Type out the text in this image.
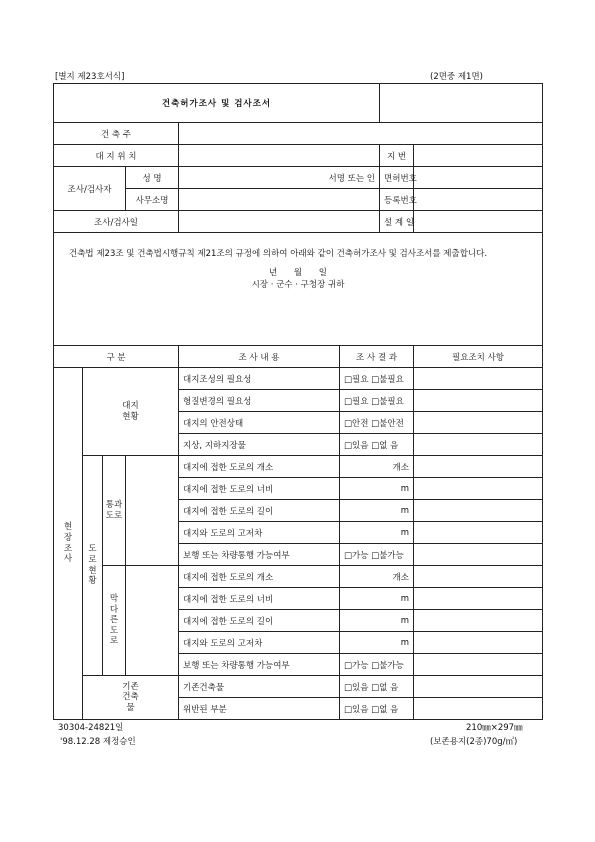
[별지 제23호서식]	(2면중 제1면)
건축허가조사 및 검사조서							
건 축 주							
대 지 위 치						지 번	
조사/검사자			성 명	서명 또는 인		면허번호	
			사무소명			등록번호	
조사/검사일						설 계 일	

건축법 제23조 및 건축법시행규칙 제21조의 규정에 의하여 아래와 같이 건축허가조사 및 검사조서를 제출합니다.
년 월 일
시장 · 군수 · 구청장 귀하							

구 분				조 사 내 용	조 사 결 과		필요조치 사항

현장조사	대지현황			대지조성의 필요성	□필요 □불필요		
				형질변경의 필요성	□필요 □불필요		
				대지의 안전상태	□안전 □불안전		
				지상, 지하지장물	□있음 □없 음		

	도로현황	통과도로		대지에 접한 도로의 개소	개소		
				대지에 접한 도로의 너비	m		
				대지에 접한 도로의 길이	m		
				대지와 도로의 고저차	m		
				보행 또는 차량통행 가능여부	□가능 □불가능		

		막다른도로		대지에 접한 도로의 개소	개소		
				대지에 접한 도로의 너비	m		
				대지에 접한 도로의 길이	m		
				대지와 도로의 고저차	m		
				보행 또는 차량통행 가능여부	□가능 □불가능		

	기존건축물			기존건축물	□있음 □없 음		
				위반된 부분	□있음 □없 음		
30304-24821일
'98.12.28 제정승인
210㎜×297㎜
(보존용지(2종)70g/㎡)
